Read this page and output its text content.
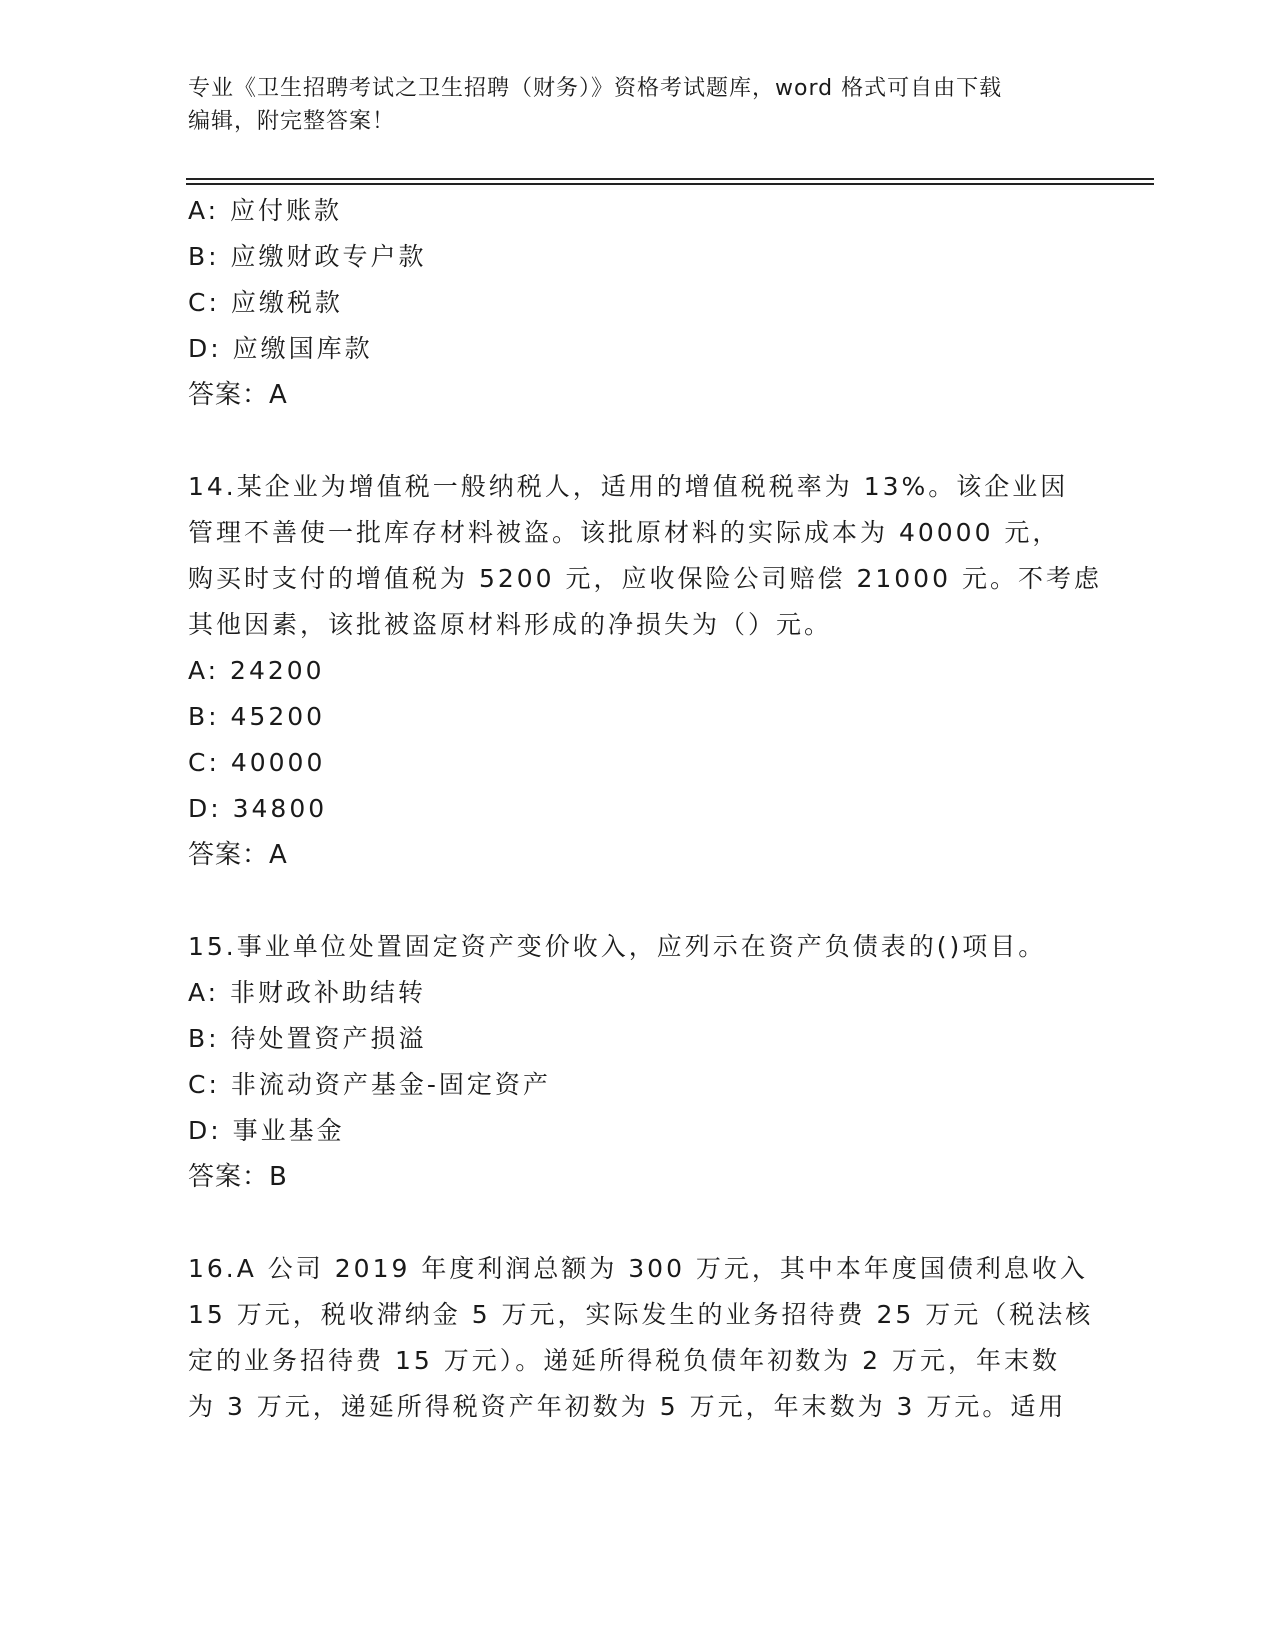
专业《卫生招聘考试之卫生招聘（财务）》资格考试题库，word 格式可自由下载
编辑，附完整答案！
A: 应付账款
B: 应缴财政专户款
C: 应缴税款
D: 应缴国库款
答案：A
14.某企业为增值税一般纳税人，适用的增值税税率为 13%。该企业因
管理不善使一批库存材料被盗。该批原材料的实际成本为 40000 元，
购买时支付的增值税为 5200 元，应收保险公司赔偿 21000 元。不考虑
其他因素，该批被盗原材料形成的净损失为（）元。
A: 24200
B: 45200
C: 40000
D: 34800
答案：A
15.事业单位处置固定资产变价收入，应列示在资产负债表的()项目。
A: 非财政补助结转
B: 待处置资产损溢
C: 非流动资产基金-固定资产
D: 事业基金
答案：B
16.A 公司 2019 年度利润总额为 300 万元，其中本年度国债利息收入
15 万元，税收滞纳金 5 万元，实际发生的业务招待费 25 万元（税法核
定的业务招待费 15 万元）。递延所得税负债年初数为 2 万元，年末数
为 3 万元，递延所得税资产年初数为 5 万元，年末数为 3 万元。适用
